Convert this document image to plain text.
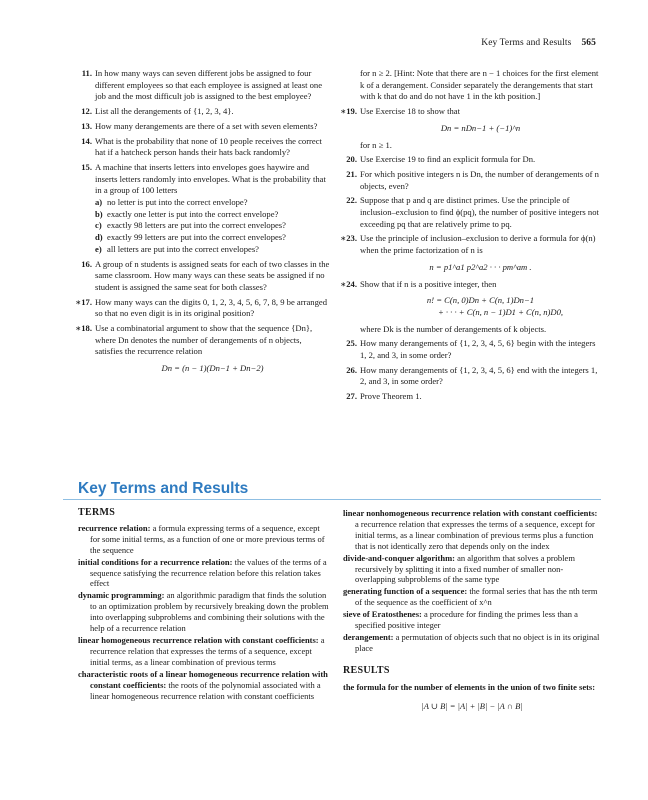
Key Terms and Results 565
11. In how many ways can seven different jobs be assigned to four different employees so that each employee is assigned at least one job and the most difficult job is assigned to the best employee?
12. List all the derangements of {1, 2, 3, 4}.
13. How many derangements are there of a set with seven elements?
14. What is the probability that none of 10 people receives the correct hat if a hatcheck person hands their hats back randomly?
15. A machine that inserts letters into envelopes goes haywire and inserts letters randomly into envelopes. What is the probability that in a group of 100 letters
a) no letter is put into the correct envelope?
b) exactly one letter is put into the correct envelope?
c) exactly 98 letters are put into the correct envelopes?
d) exactly 99 letters are put into the correct envelopes?
e) all letters are put into the correct envelopes?
16. A group of n students is assigned seats for each of two classes in the same classroom. How many ways can these seats be assigned if no student is assigned the same seat for both classes?
∗17. How many ways can the digits 0, 1, 2, 3, 4, 5, 6, 7, 8, 9 be arranged so that no even digit is in its original position?
∗18. Use a combinatorial argument to show that the sequence {Dn}, where Dn denotes the number of derangements of n objects, satisfies the recurrence relation
Dn = (n − 1)(Dn−1 + Dn−2)
for n ≥ 2. [Hint: Note that there are n − 1 choices for the first element k of a derangement. Consider separately the derangements that start with k that do and do not have 1 in the kth position.]
∗19. Use Exercise 18 to show that
Dn = nDn−1 + (−1)^n
for n ≥ 1.
20. Use Exercise 19 to find an explicit formula for Dn.
21. For which positive integers n is Dn, the number of derangements of n objects, even?
22. Suppose that p and q are distinct primes. Use the principle of inclusion–exclusion to find ϕ(pq), the number of positive integers not exceeding pq that are relatively prime to pq.
∗23. Use the principle of inclusion–exclusion to derive a formula for ϕ(n) when the prime factorization of n is
n = p1^a1 p2^a2 · · · pm^am .
∗24. Show that if n is a positive integer, then
n! = C(n, 0)Dn + C(n, 1)Dn−1
+ · · · + C(n, n − 1)D1 + C(n, n)D0,
where Dk is the number of derangements of k objects.
25. How many derangements of {1, 2, 3, 4, 5, 6} begin with the integers 1, 2, and 3, in some order?
26. How many derangements of {1, 2, 3, 4, 5, 6} end with the integers 1, 2, and 3, in some order?
27. Prove Theorem 1.
Key Terms and Results
TERMS
recurrence relation: a formula expressing terms of a sequence, except for some initial terms, as a function of one or more previous terms of the sequence
initial conditions for a recurrence relation: the values of the terms of a sequence satisfying the recurrence relation before this relation takes effect
dynamic programming: an algorithmic paradigm that finds the solution to an optimization problem by recursively breaking down the problem into overlapping subproblems and combining their solutions with the help of a recurrence relation
linear homogeneous recurrence relation with constant coefficients: a recurrence relation that expresses the terms of a sequence, except initial terms, as a linear combination of previous terms
characteristic roots of a linear homogeneous recurrence relation with constant coefficients: the roots of the polynomial associated with a linear homogeneous recurrence relation with constant coefficients
linear nonhomogeneous recurrence relation with constant coefficients: a recurrence relation that expresses the terms of a sequence, except for initial terms, as a linear combination of previous terms plus a function that is not identically zero that depends only on the index
divide-and-conquer algorithm: an algorithm that solves a problem recursively by splitting it into a fixed number of smaller non-overlapping subproblems of the same type
generating function of a sequence: the formal series that has the nth term of the sequence as the coefficient of x^n
sieve of Eratosthenes: a procedure for finding the primes less than a specified positive integer
derangement: a permutation of objects such that no object is in its original place
RESULTS
the formula for the number of elements in the union of two finite sets:
|A ∪ B| = |A| + |B| − |A ∩ B|
